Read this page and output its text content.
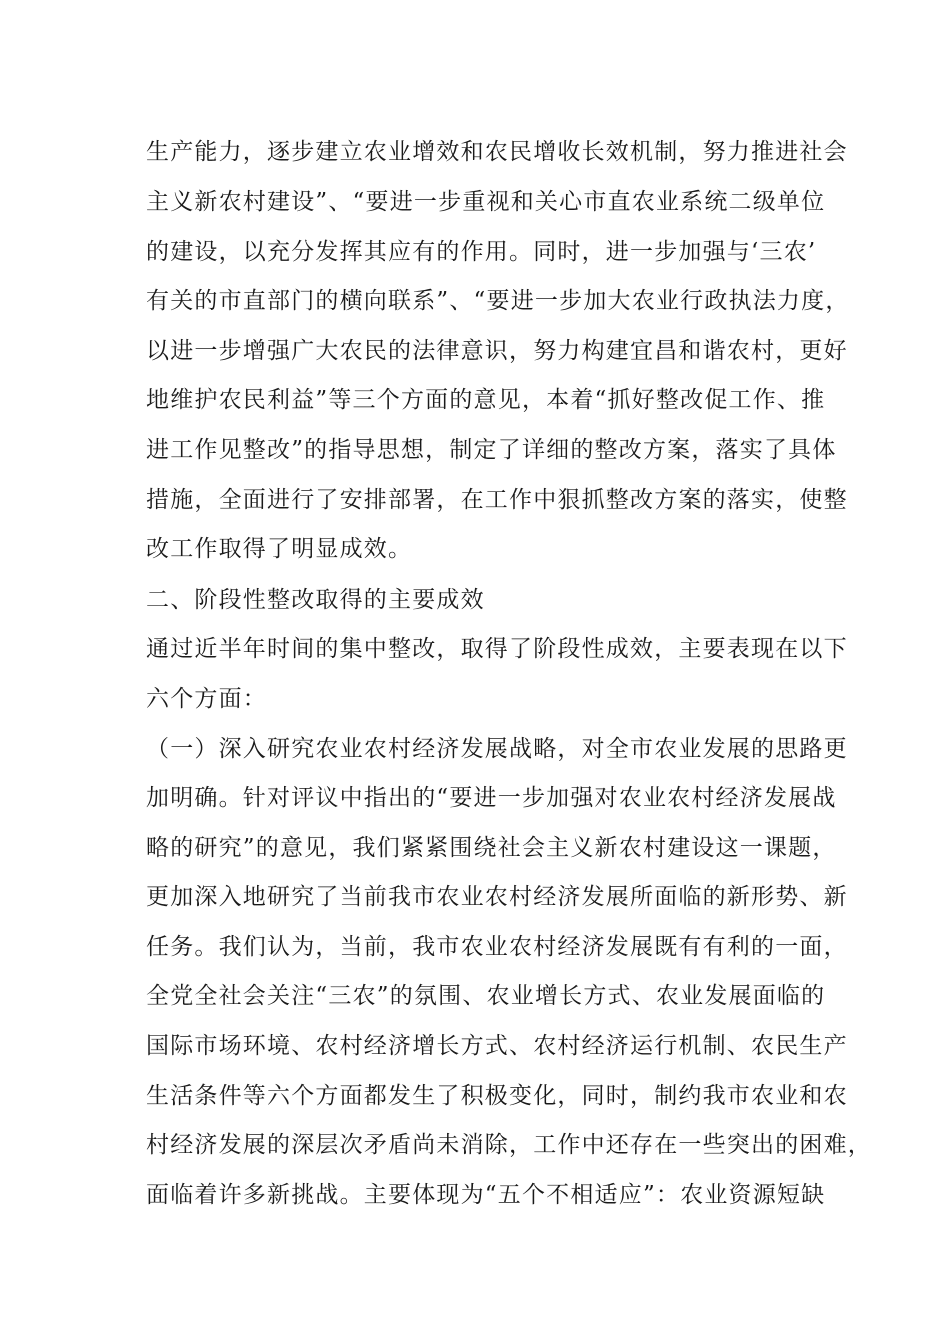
生产能力，逐步建立农业增效和农民增收长效机制，努力推进社会
主义新农村建设”、“要进一步重视和关心市直农业系统二级单位
的建设，以充分发挥其应有的作用。同时，进一步加强与‘三农’
有关的市直部门的横向联系”、“要进一步加大农业行政执法力度，
以进一步增强广大农民的法律意识，努力构建宜昌和谐农村，更好
地维护农民利益”等三个方面的意见，本着“抓好整改促工作、推
进工作见整改”的指导思想，制定了详细的整改方案，落实了具体
措施，全面进行了安排部署，在工作中狠抓整改方案的落实，使整
改工作取得了明显成效。
二、阶段性整改取得的主要成效
通过近半年时间的集中整改，取得了阶段性成效，主要表现在以下
六个方面：
（一）深入研究农业农村经济发展战略，对全市农业发展的思路更
加明确。针对评议中指出的“要进一步加强对农业农村经济发展战
略的研究”的意见，我们紧紧围绕社会主义新农村建设这一课题，
更加深入地研究了当前我市农业农村经济发展所面临的新形势、新
任务。我们认为，当前，我市农业农村经济发展既有有利的一面，
全党全社会关注“三农”的氛围、农业增长方式、农业发展面临的
国际市场环境、农村经济增长方式、农村经济运行机制、农民生产
生活条件等六个方面都发生了积极变化，同时，制约我市农业和农
村经济发展的深层次矛盾尚未消除，工作中还存在一些突出的困难，
面临着许多新挑战。主要体现为“五个不相适应”：农业资源短缺
